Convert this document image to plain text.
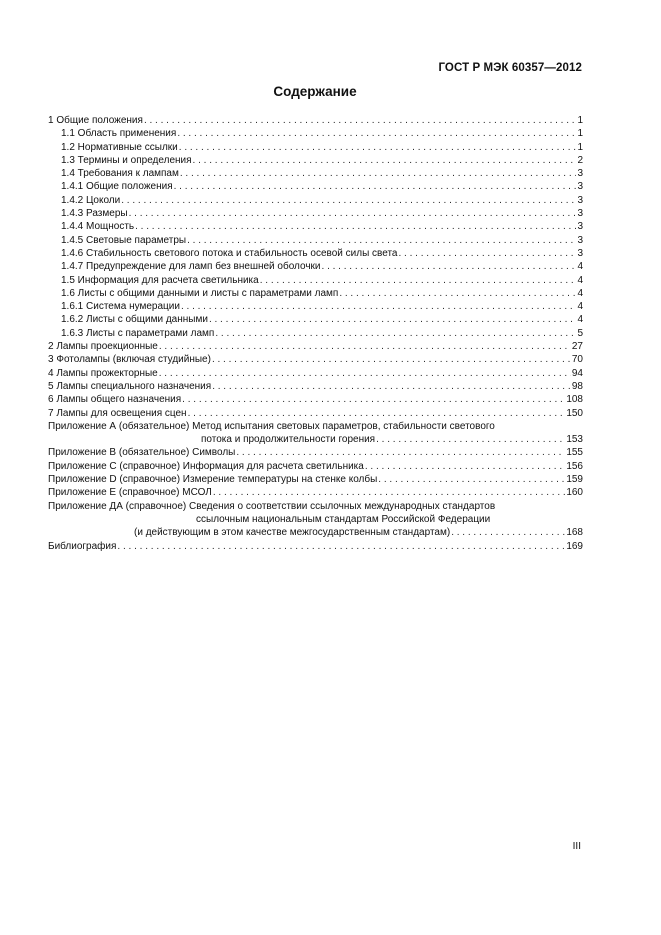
ГОСТ Р МЭК 60357—2012
Содержание
1 Общие положения . . .	1
1.1 Область применения . . .	1
1.2 Нормативные ссылки . . .	1
1.3 Термины и определения . . .	2
1.4 Требования к лампам . . .	3
1.4.1 Общие положения . . .	3
1.4.2 Цоколи . . .	3
1.4.3 Размеры . . .	3
1.4.4 Мощность . . .	3
1.4.5 Световые параметры . . .	3
1.4.6 Стабильность светового потока и стабильность осевой силы света . . .	3
1.4.7 Предупреждение для ламп без внешней оболочки . . .	4
1.5 Информация для расчета светильника . . .	4
1.6 Листы с общими данными и листы с параметрами ламп . . .	4
1.6.1 Система нумерации . . .	4
1.6.2 Листы с общими данными . . .	4
1.6.3 Листы с параметрами ламп . . .	5
2 Лампы проекционные . . .	27
3 Фотолампы (включая студийные) . . .	70
4 Лампы прожекторные . . .	94
5 Лампы специального назначения . . .	98
6 Лампы общего назначения . . .	108
7 Лампы для освещения сцен . . .	150
Приложение А (обязательное) Метод испытания световых параметров, стабильности светового
потока и продолжительности горения . . .	153
Приложение В (обязательное) Символы . . .	155
Приложение С (справочное) Информация для расчета светильника . . .	156
Приложение D (справочное) Измерение температуры на стенке колбы . . .	159
Приложение E (справочное) МСОЛ . . .	160
Приложение ДА (справочное) Сведения о соответствии ссылочных международных стандартов
ссылочным национальным стандартам Российской Федерации
(и действующим в этом качестве межгосударственным стандартам) . . .	168
Библиография . . .	169
III
